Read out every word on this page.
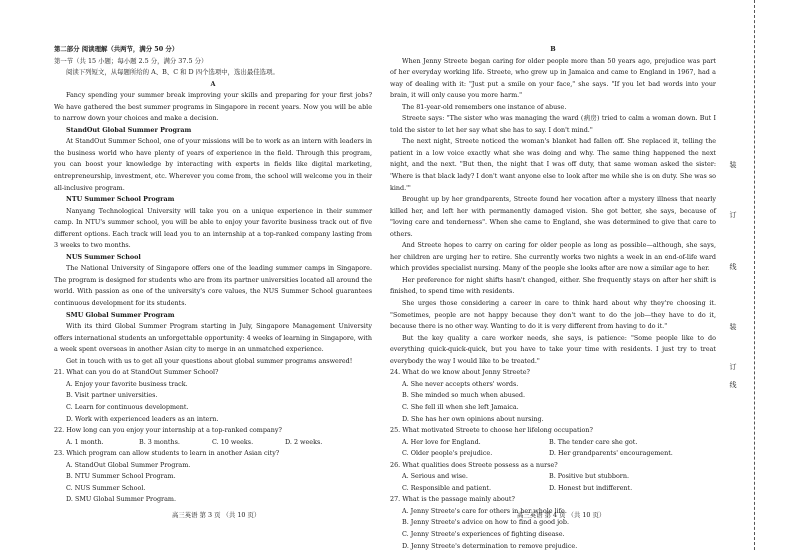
第二部分 阅读理解（共两节，满分 50 分）

第一节（共 15 小题；每小题 2.5 分，满分 37.5 分）

阅读下列短文，从每题所给的 A、B、C 和 D 四个选项中，选出最佳选项。

A

Fancy spending your summer break improving your skills and preparing for your first jobs? We have gathered the best summer programs in Singapore in recent years. Now you will be able to narrow down your choices and make a decision.

StandOut Global Summer Program

At StandOut Summer School, one of your missions will be to work as an intern with leaders in the business world who have plenty of years of experience in the field. Through this program, you can boost your knowledge by interacting with experts in fields like digital marketing, entrepreneurship, investment, etc. Wherever you come from, the school will welcome you in their all-inclusive program.

NTU Summer School Program

Nanyang Technological University will take you on a unique experience in their summer camp. In NTU's summer school, you will be able to enjoy your favorite business track out of five different options. Each track will lead you to an internship at a top-ranked company lasting from 3 weeks to two months.

NUS Summer School

The National University of Singapore offers one of the leading summer camps in Singapore. The program is designed for students who are from its partner universities located all around the world. With passion as one of the university's core values, the NUS Summer School guarantees continuous development for its students.

SMU Global Summer Program

With its third Global Summer Program starting in July, Singapore Management University offers international students an unforgettable opportunity: 4 weeks of learning in Singapore, with a week spent overseas in another Asian city to merge in an unmatched experience.

Get in touch with us to get all your questions about global summer programs answered!

21. What can you do at StandOut Summer School?

A. Enjoy your favorite business track.

B. Visit partner universities.

C. Learn for continuous development.

D. Work with experienced leaders as an intern.

22. How long can you enjoy your internship at a top-ranked company?

A. 1 month.	B. 3 months.	C. 10 weeks.	D. 2 weeks.

23. Which program can allow students to learn in another Asian city?

A. StandOut Global Summer Program.

B. NTU Summer School Program.

C. NUS Summer School.

D. SMU Global Summer Program.

B

When Jenny Streete began caring for older people more than 50 years ago, prejudice was part of her everyday working life. Streete, who grew up in Jamaica and came to England in 1967, had a way of dealing with it: "Just put a smile on your face," she says. "If you let bad words into your brain, it will only cause you more harm."

The 81-year-old remembers one instance of abuse.

Streete says: "The sister who was managing the ward (病房) tried to calm a woman down. But I told the sister to let her say what she has to say. I don't mind."

The next night, Streete noticed the woman's blanket had fallen off. She replaced it, telling the patient in a low voice exactly what she was doing and why. The same thing happened the next night, and the next. "But then, the night that I was off duty, that same woman asked the sister: 'Where is that black lady? I don't want anyone else to look after me while she is on duty. She was so kind.'"

Brought up by her grandparents, Streete found her vocation after a mystery illness that nearly killed her, and left her with permanently damaged vision. She got better, she says, because of "loving care and tenderness". When she came to England, she was determined to give that care to others.

And Streete hopes to carry on caring for older people as long as possible—although, she says, her children are urging her to retire. She currently works two nights a week in an end-of-life ward which provides specialist nursing. Many of the people she looks after are now a similar age to her.

Her preference for night shifts hasn't changed, either. She frequently stays on after her shift is finished, to spend time with residents.

She urges those considering a career in care to think hard about why they're choosing it. "Sometimes, people are not happy because they don't want to do the job—they have to do it, because there is no other way. Wanting to do it is very different from having to do it."

But the key quality a care worker needs, she says, is patience: "Some people like to do everything quick-quick-quick, but you have to take your time with residents. I just try to treat everybody the way I would like to be treated."

24. What do we know about Jenny Streete?

A. She never accepts others' words.

B. She minded so much when abused.

C. She fell ill when she left Jamaica.

D. She has her own opinions about nursing.

25. What motivated Streete to choose her lifelong occupation?

A. Her love for England.	B. The tender care she got.
C. Older people's prejudice.	D. Her grandparents' encouragement.

26. What qualities does Streete possess as a nurse?

A. Serious and wise.	B. Positive but stubborn.
C. Responsible and patient.	D. Honest but indifferent.

27. What is the passage mainly about?

A. Jenny Streete's care for others in her whole life.

B. Jenny Streete's advice on how to find a good job.

C. Jenny Streete's experiences of fighting disease.

D. Jenny Streete's determination to remove prejudice.

高三英语 第 3 页 （共 10 页）	高三英语 第 4 页 （共 10 页）
装
订
线
装
订
线
